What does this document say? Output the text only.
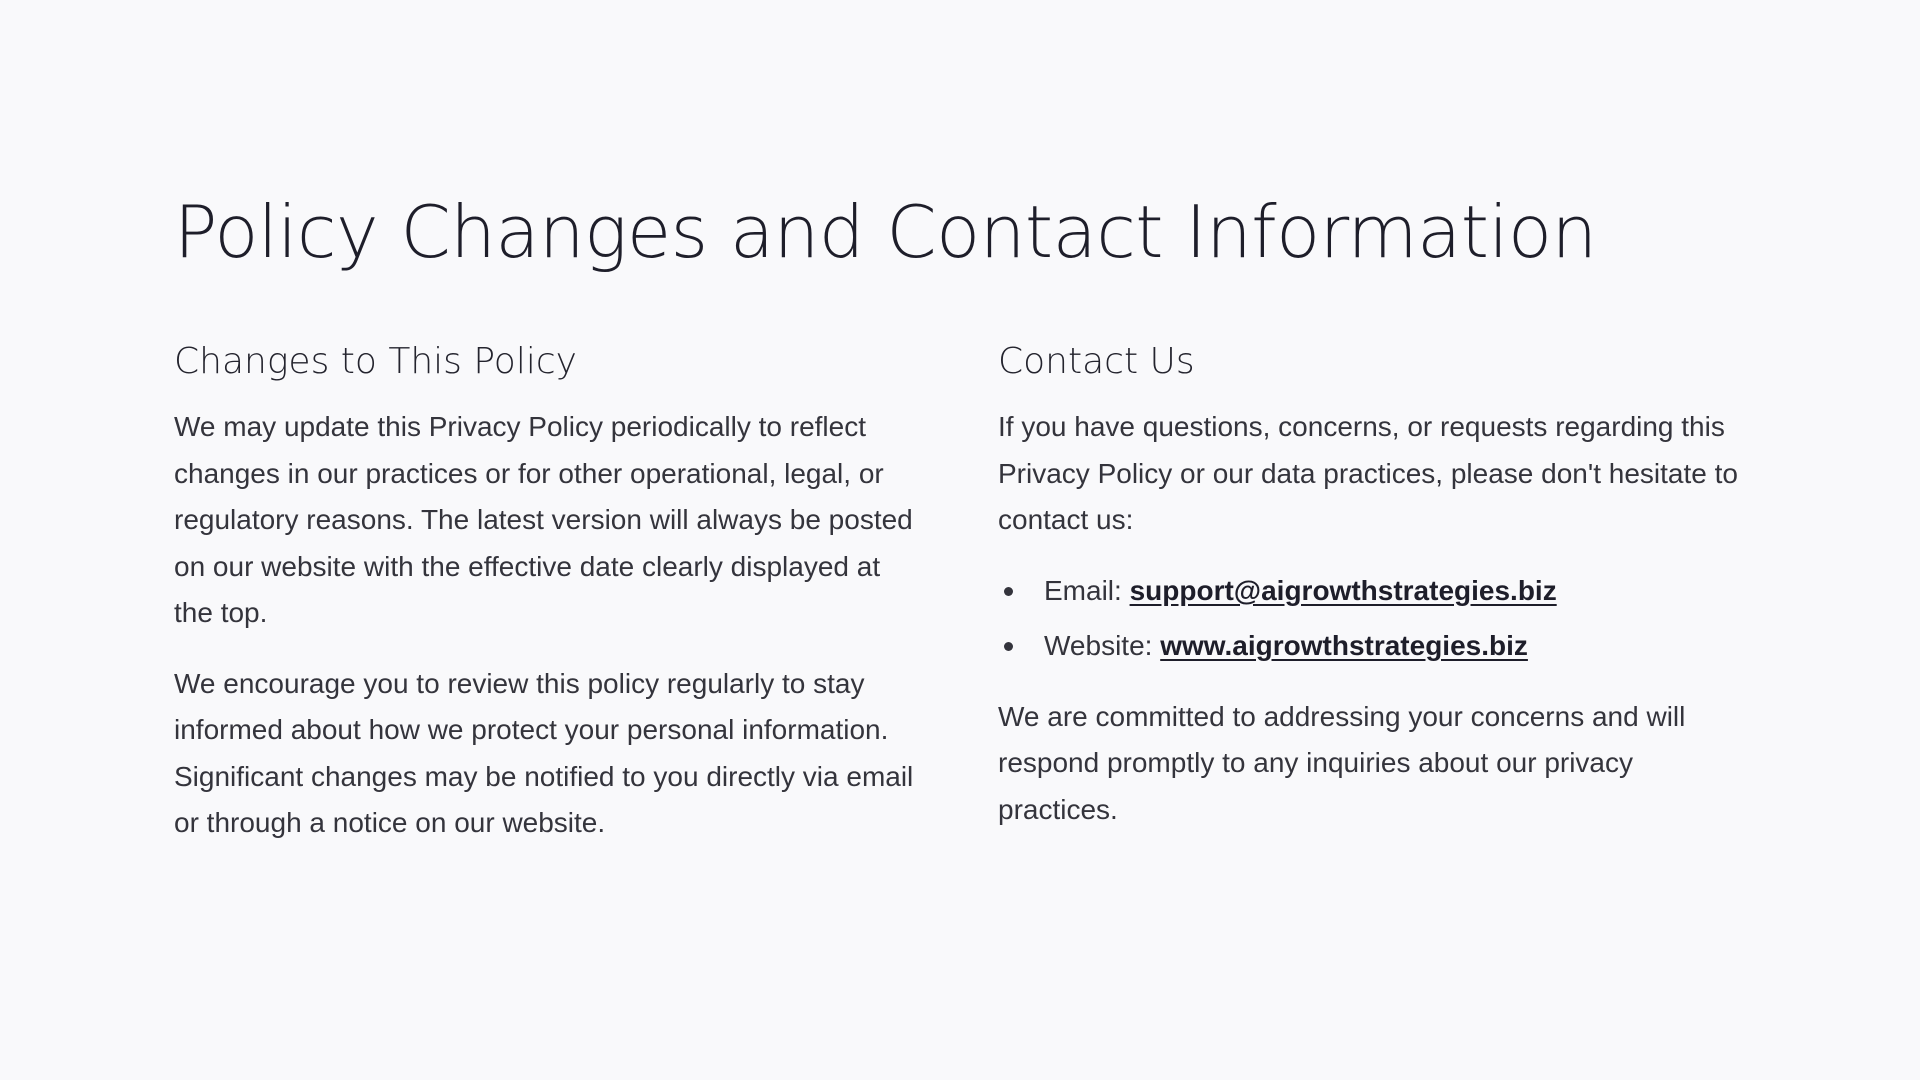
Policy Changes and Contact Information
Changes to This Policy

We may update this Privacy Policy periodically to reflect changes in our practices or for other operational, legal, or regulatory reasons. The latest version will always be posted on our website with the effective date clearly displayed at the top.

We encourage you to review this policy regularly to stay informed about how we protect your personal information. Significant changes may be notified to you directly via email or through a notice on our website.

Contact Us

If you have questions, concerns, or requests regarding this Privacy Policy or our data practices, please don't hesitate to contact us:

Email: support@aigrowthstrategies.biz
Website: www.aigrowthstrategies.biz

We are committed to addressing your concerns and will respond promptly to any inquiries about our privacy practices.
